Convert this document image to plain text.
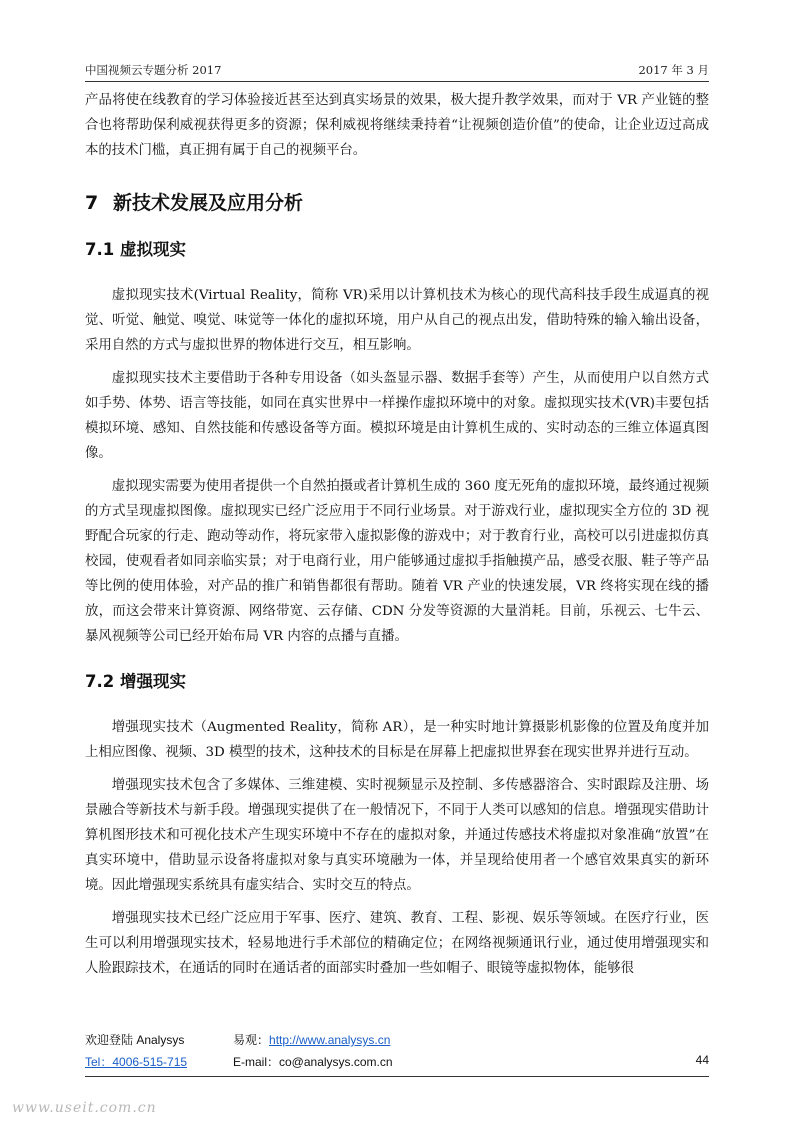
中国视频云专题分析 2017	2017 年 3 月

产品将使在线教育的学习体验接近甚至达到真实场景的效果，极大提升教学效果，而对于 VR 产业链的整合也将帮助保利威视获得更多的资源；保利威视将继续秉持着“让视频创造价值”的使命，让企业迈过高成本的技术门槛，真正拥有属于自己的视频平台。

7 新技术发展及应用分析
7.1 虚拟现实

虚拟现实技术(Virtual Reality，简称 VR)采用以计算机技术为核心的现代高科技手段生成逼真的视觉、听觉、触觉、嗅觉、味觉等一体化的虚拟环境，用户从自己的视点出发，借助特殊的输入输出设备，采用自然的方式与虚拟世界的物体进行交互，相互影响。

虚拟现实技术主要借助于各种专用设备（如头盔显示器、数据手套等）产生，从而使用户以自然方式如手势、体势、语言等技能，如同在真实世界中一样操作虚拟环境中的对象。虚拟现实技术(VR)丰要包括模拟环境、感知、自然技能和传感设备等方面。模拟环境是由计算机生成的、实时动态的三维立体逼真图像。

虚拟现实需要为使用者提供一个自然拍摄或者计算机生成的 360 度无死角的虚拟环境，最终通过视频的方式呈现虚拟图像。虚拟现实已经广泛应用于不同行业场景。对于游戏行业，虚拟现实全方位的 3D 视野配合玩家的行走、跑动等动作，将玩家带入虚拟影像的游戏中；对于教育行业，高校可以引进虚拟仿真校园，使观看者如同亲临实景；对于电商行业，用户能够通过虚拟手指触摸产品，感受衣服、鞋子等产品等比例的使用体验，对产品的推广和销售都很有帮助。随着 VR 产业的快速发展，VR 终将实现在线的播放，而这会带来计算资源、网络带宽、云存储、CDN 分发等资源的大量消耗。目前，乐视云、七牛云、暴风视频等公司已经开始布局 VR 内容的点播与直播。

7.2 增强现实

增强现实技术（Augmented Reality，简称 AR），是一种实时地计算摄影机影像的位置及角度并加上相应图像、视频、3D 模型的技术，这种技术的目标是在屏幕上把虚拟世界套在现实世界并进行互动。

增强现实技术包含了多媒体、三维建模、实时视频显示及控制、多传感器溶合、实时跟踪及注册、场景融合等新技术与新手段。增强现实提供了在一般情况下，不同于人类可以感知的信息。增强现实借助计算机图形技术和可视化技术产生现实环境中不存在的虚拟对象，并通过传感技术将虚拟对象准确“放置”在真实环境中，借助显示设备将虚拟对象与真实环境融为一体，并呈现给使用者一个感官效果真实的新环境。因此增强现实系统具有虚实结合、实时交互的特点。

增强现实技术已经广泛应用于军事、医疗、建筑、教育、工程、影视、娱乐等领域。在医疗行业，医生可以利用增强现实技术，轻易地进行手术部位的精确定位；在网络视频通讯行业，通过使用增强现实和人脸跟踪技术，在通话的同时在通话者的面部实时叠加一些如帽子、眼镜等虚拟物体，能够很

欢迎登陆 Analysys
Tel：4006-515-715
易观：http://www.analysys.cn
E-mail：co@analysys.com.cn	44
www.useit.com.cn
